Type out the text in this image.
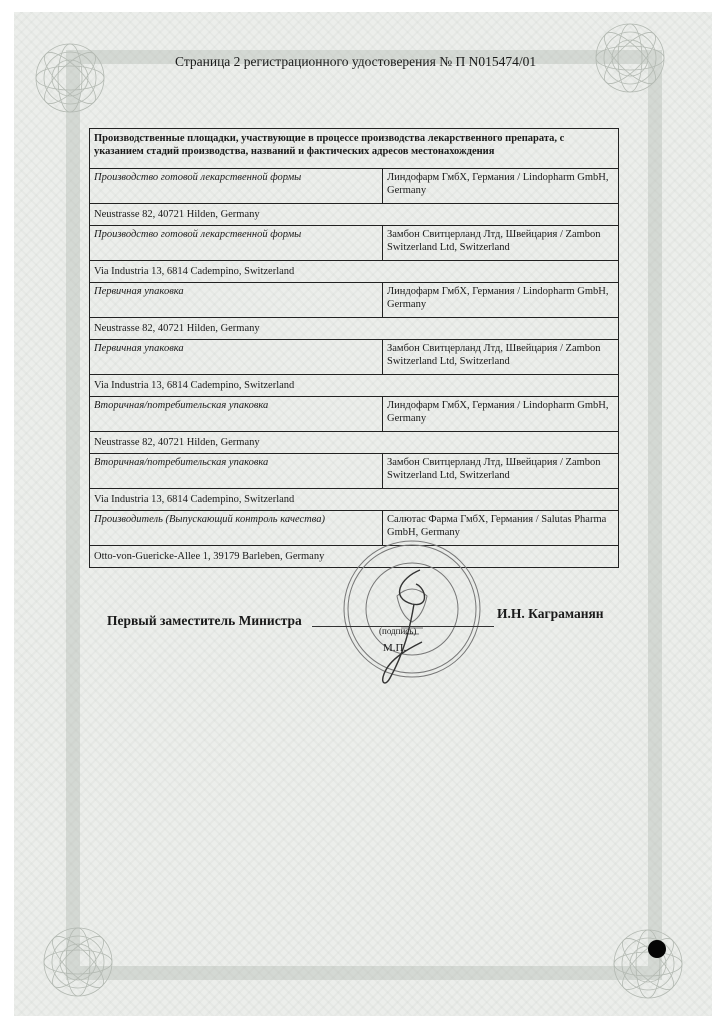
Страница 2 регистрационного удостоверения № П N015474/01
Производственные площадки, участвующие в процессе производства лекарственного препарата, с указанием стадий производства, названий и фактических адресов местонахождения	
Производство готовой лекарственной формы	Линдофарм ГмбХ, Германия / Lindopharm GmbH, Germany
Neustrasse 82, 40721 Hilden, Germany	
Производство готовой лекарственной формы	Замбон Свитцерланд Лтд, Швейцария / Zambon Switzerland Ltd, Switzerland
Via Industria 13, 6814 Cadempino, Switzerland	
Первичная упаковка	Линдофарм ГмбХ, Германия / Lindopharm GmbH, Germany
Neustrasse 82, 40721 Hilden, Germany	
Первичная упаковка	Замбон Свитцерланд Лтд, Швейцария / Zambon Switzerland Ltd, Switzerland
Via Industria 13, 6814 Cadempino, Switzerland	
Вторичная/потребительская упаковка	Линдофарм ГмбХ, Германия / Lindopharm GmbH, Germany
Neustrasse 82, 40721 Hilden, Germany	
Вторичная/потребительская упаковка	Замбон Свитцерланд Лтд, Швейцария / Zambon Switzerland Ltd, Switzerland
Via Industria 13, 6814 Cadempino, Switzerland	
Производитель (Выпускающий контроль качества)	Салютас Фарма ГмбХ, Германия / Salutas Pharma GmbH, Germany
Otto-von-Guericke-Allee 1, 39179 Barleben, Germany	
Первый заместитель Министра
(подпись)
М.П.
И.Н. Каграманян
